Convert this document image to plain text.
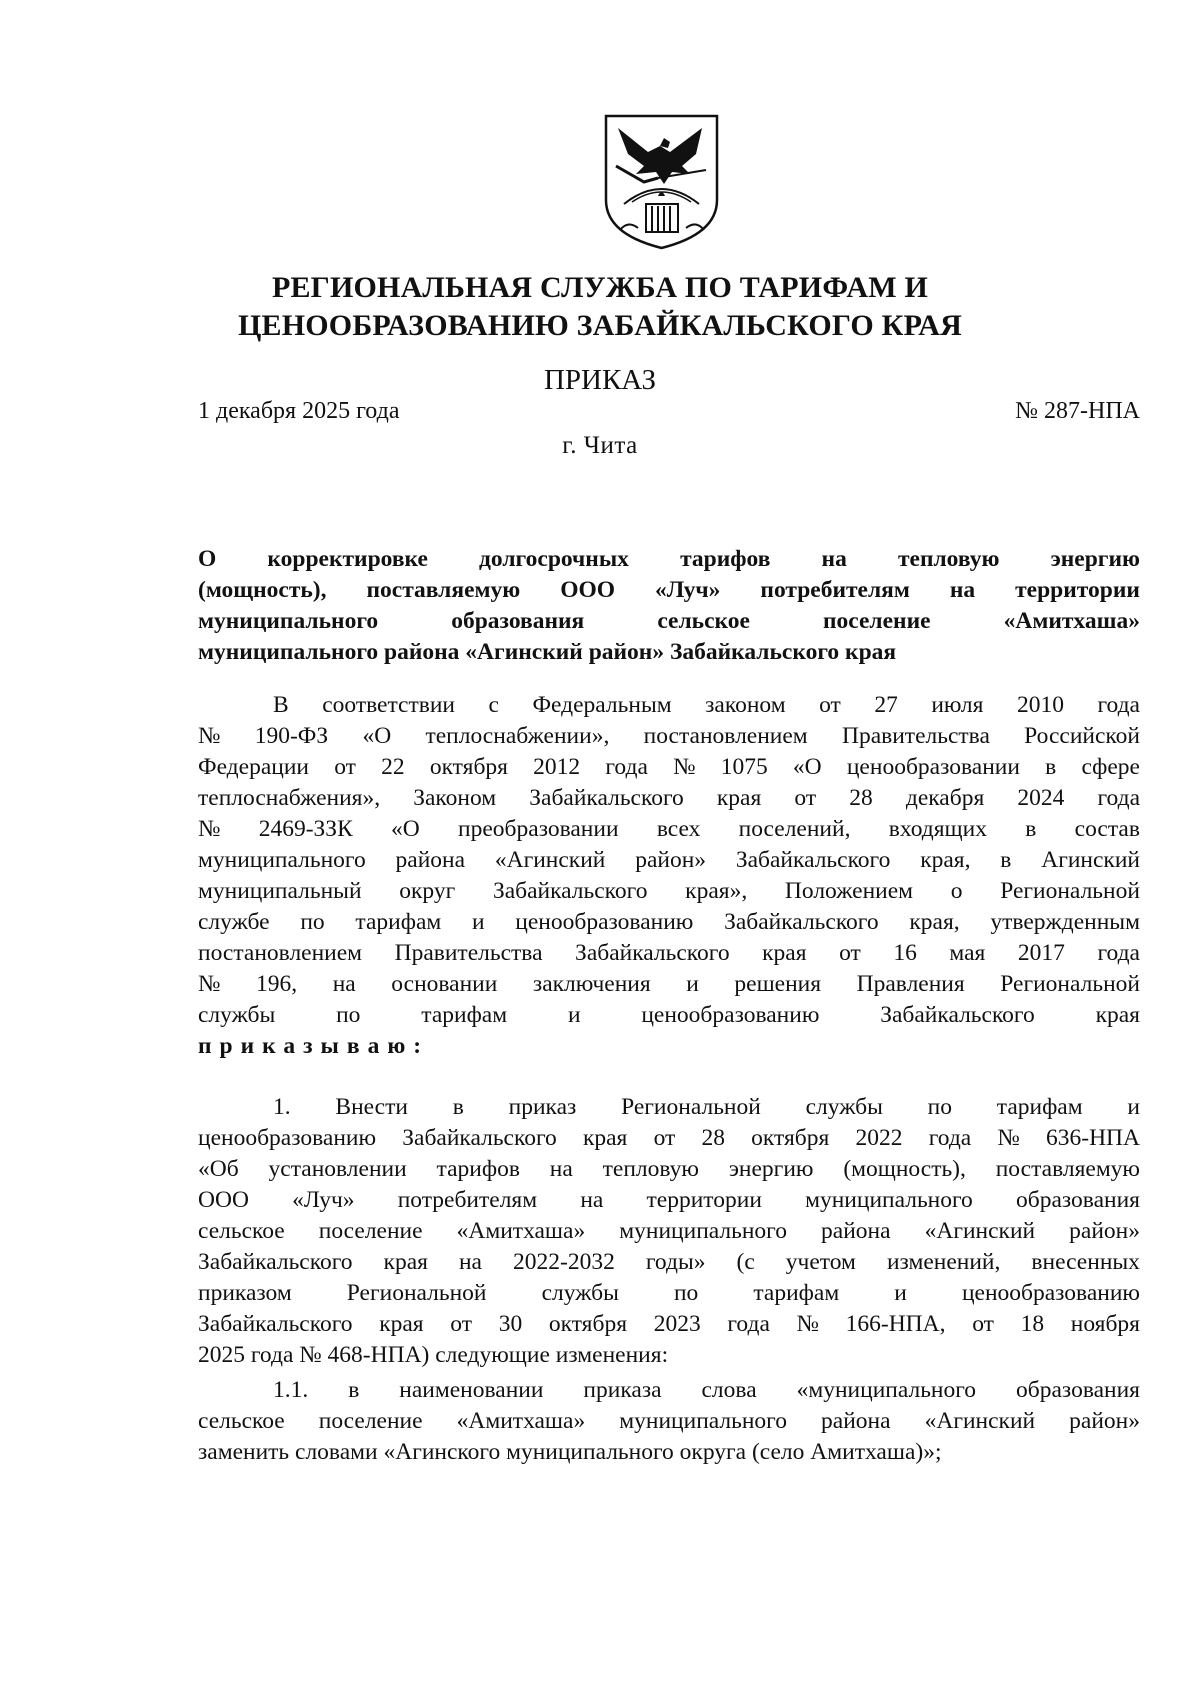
РЕГИОНАЛЬНАЯ СЛУЖБА ПО ТАРИФАМ И
ЦЕНООБРАЗОВАНИЮ ЗАБАЙКАЛЬСКОГО КРАЯ
ПРИКАЗ
1 декабря 2025 года	№ 287-НПА
г. Чита
О корректировке долгосрочных тарифов на тепловую энергию
(мощность), поставляемую ООО «Луч» потребителям на территории
муниципального	образования	сельское	поселение	«Амитхаша»
муниципального района «Агинский район» Забайкальского края
В соответствии с Федеральным законом от 27 июля 2010 года
№ 190-ФЗ «О теплоснабжении», постановлением Правительства Российской
Федерации от 22 октября 2012 года № 1075 «О ценообразовании в сфере
теплоснабжения», Законом Забайкальского края от 28 декабря 2024 года
№ 2469-ЗЗК «О преобразовании всех поселений, входящих в состав
муниципального района «Агинский район» Забайкальского края, в Агинский
муниципальный округ Забайкальского края», Положением о Региональной
службе по тарифам и ценообразованию Забайкальского края, утвержденным
постановлением Правительства Забайкальского края от 16 мая 2017 года
№ 196, на основании заключения и решения Правления Региональной
службы	по	тарифам	и	ценообразованию	Забайкальского	края
приказываю:
1. Внести в приказ Региональной службы по тарифам и
ценообразованию Забайкальского края от 28 октября 2022 года № 636-НПА
«Об установлении тарифов на тепловую энергию (мощность), поставляемую
ООО «Луч» потребителям на территории муниципального образования
сельское поселение «Амитхаша» муниципального района «Агинский район»
Забайкальского края на 2022-2032 годы» (с учетом изменений, внесенных
приказом Региональной службы по тарифам и ценообразованию
Забайкальского края от 30 октября 2023 года № 166-НПА, от 18 ноября
2025 года № 468-НПА) следующие изменения:
1.1. в наименовании приказа слова «муниципального образования
сельское поселение «Амитхаша» муниципального района «Агинский район»
заменить словами «Агинского муниципального округа (село Амитхаша)»;
